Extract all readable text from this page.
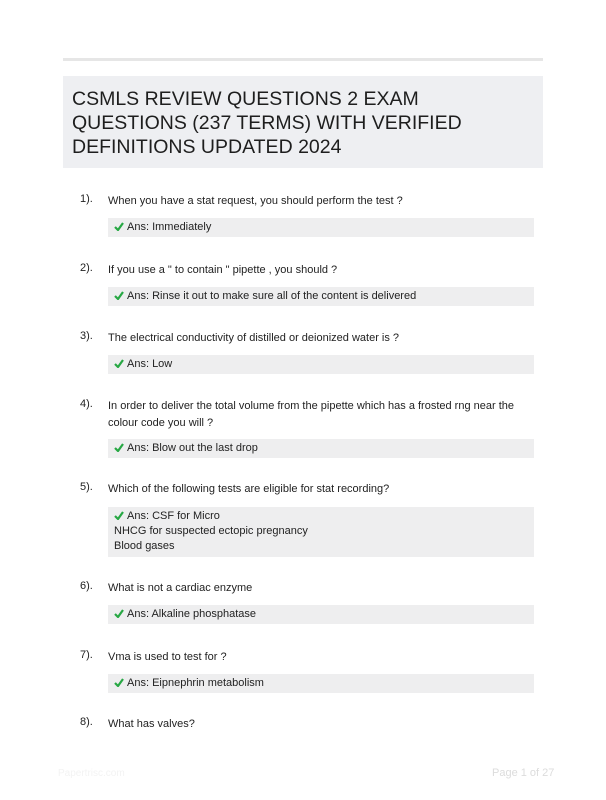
CSMLS REVIEW QUESTIONS 2 EXAM QUESTIONS (237 TERMS) WITH VERIFIED DEFINITIONS UPDATED 2024
1). When you have a stat request, you should perform the test ?
Ans: Immediately
2). If you use a " to contain " pipette , you should ?
Ans: Rinse it out to make sure all of the content is delivered
3). The electrical conductivity of distilled or deionized water is ?
Ans: Low
4). In order to deliver the total volume from the pipette which has a frosted rng near the colour code you will ?
Ans: Blow out the last drop
5). Which of the following tests are eligible for stat recording?
Ans: CSF for Micro
NHCG for suspected ectopic pregnancy
Blood gases
6). What is not a cardiac enzyme
Ans: Alkaline phosphatase
7). Vma is used to test for ?
Ans: Eipnephrin metabolism
8). What has valves?
Papertrisc.com	Page 1 of 27
